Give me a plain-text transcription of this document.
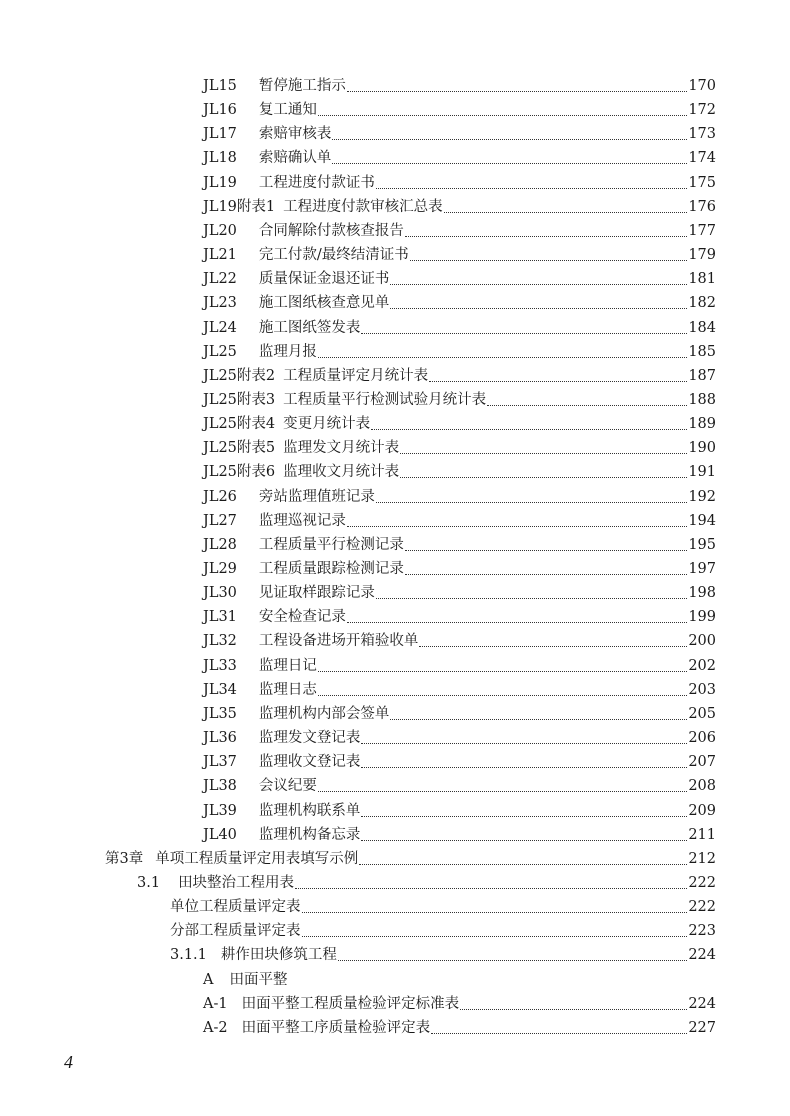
JL15 暂停施工指示	170
JL16 复工通知	172
JL17 索赔审核表	173
JL18 索赔确认单	174
JL19 工程进度付款证书	175
JL19附表1 工程进度付款审核汇总表	176
JL20 合同解除付款核查报告	177
JL21 完工付款/最终结清证书	179
JL22 质量保证金退还证书	181
JL23 施工图纸核查意见单	182
JL24 施工图纸签发表	184
JL25 监理月报	185
JL25附表2 工程质量评定月统计表	187
JL25附表3 工程质量平行检测试验月统计表	188
JL25附表4 变更月统计表	189
JL25附表5 监理发文月统计表	190
JL25附表6 监理收文月统计表	191
JL26 旁站监理值班记录	192
JL27 监理巡视记录	194
JL28 工程质量平行检测记录	195
JL29 工程质量跟踪检测记录	197
JL30 见证取样跟踪记录	198
JL31 安全检查记录	199
JL32 工程设备进场开箱验收单	200
JL33 监理日记	202
JL34 监理日志	203
JL35 监理机构内部会签单	205
JL36 监理发文登记表	206
JL37 监理收文登记表	207
JL38 会议纪要	208
JL39 监理机构联系单	209
JL40 监理机构备忘录	211
第3章 单项工程质量评定用表填写示例	212
3.1 田块整治工程用表	222
单位工程质量评定表	222
分部工程质量评定表	223
3.1.1 耕作田块修筑工程	224
A 田面平整
A-1 田面平整工程质量检验评定标准表	224
A-2 田面平整工序质量检验评定表	227
4
